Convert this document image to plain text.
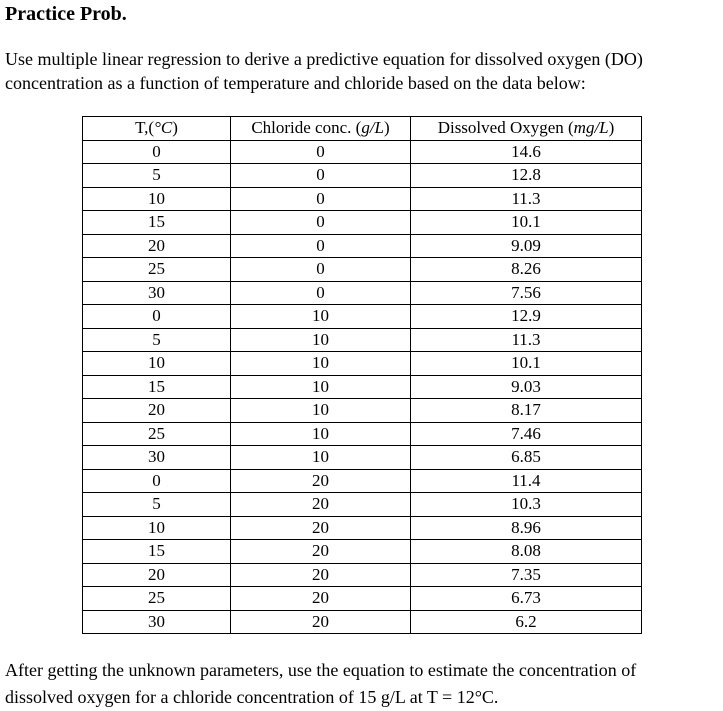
Practice Prob.
Use multiple linear regression to derive a predictive equation for dissolved oxygen (DO)
concentration as a function of temperature and chloride based on the data below:
T,(°C)	Chloride conc. (g/L)	Dissolved Oxygen (mg/L)
0	0	14.6
5	0	12.8
10	0	11.3
15	0	10.1
20	0	9.09
25	0	8.26
30	0	7.56
0	10	12.9
5	10	11.3
10	10	10.1
15	10	9.03
20	10	8.17
25	10	7.46
30	10	6.85
0	20	11.4
5	20	10.3
10	20	8.96
15	20	8.08
20	20	7.35
25	20	6.73
30	20	6.2
After getting the unknown parameters, use the equation to estimate the concentration of
dissolved oxygen for a chloride concentration of 15 g/L at T = 12°C.
